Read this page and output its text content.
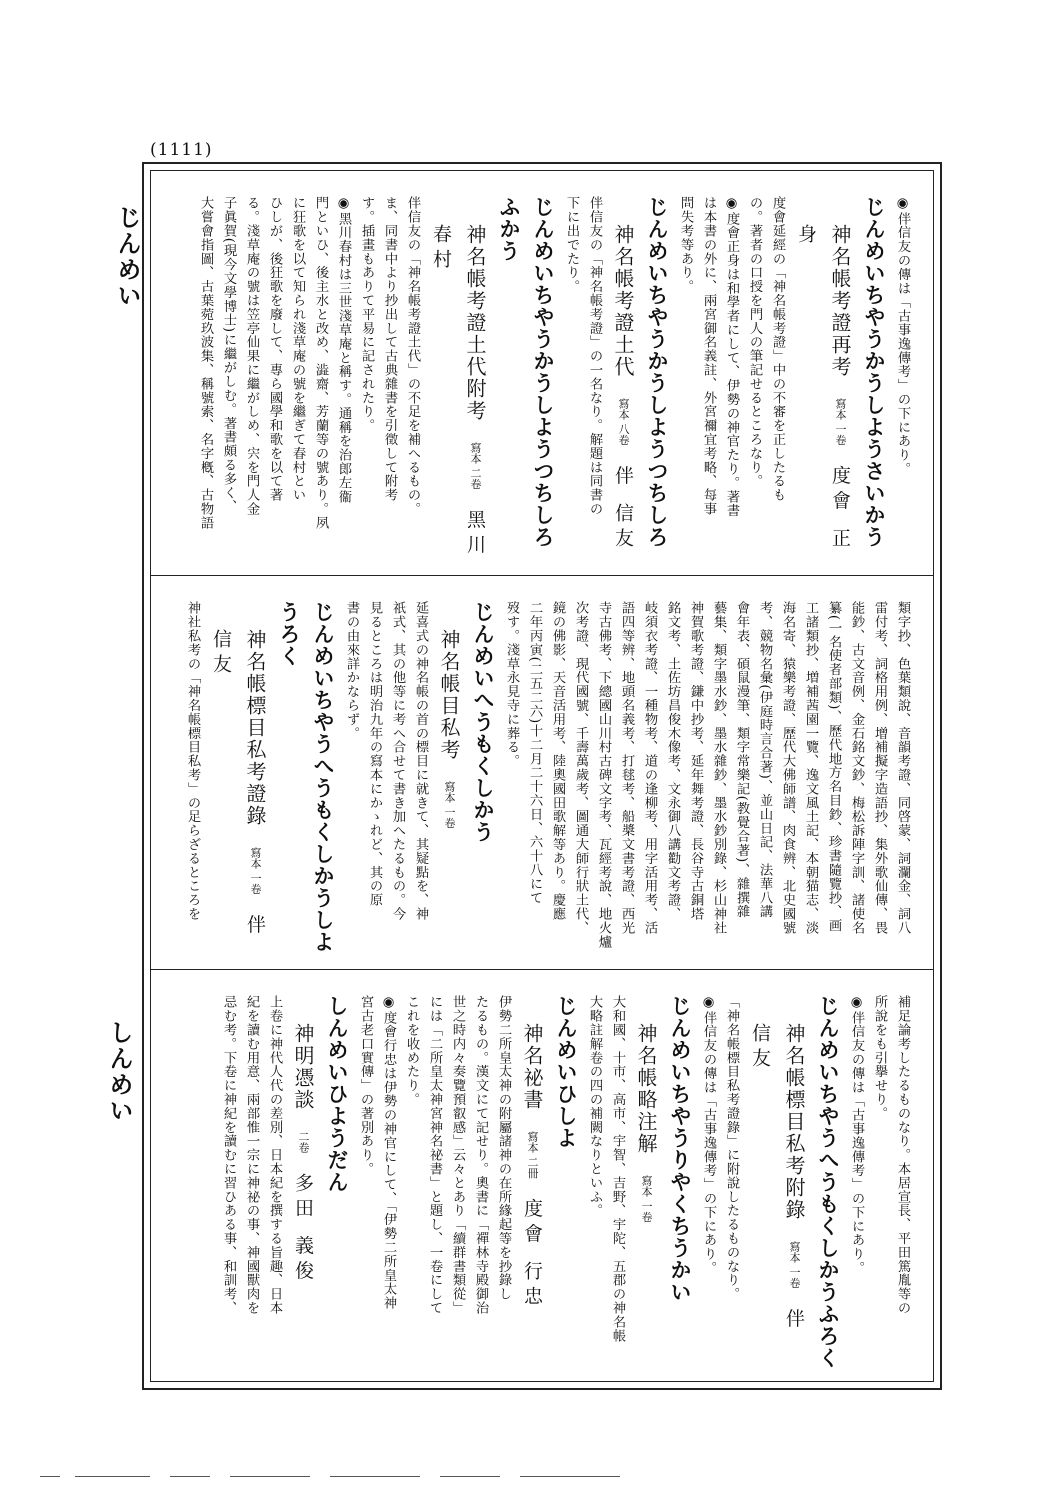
(1111)
じんめい
しんめい
◉伴信友の傳は「古事逸傳考」の下にあり。
じんめいちやうかうしようさいかう
神名帳考證再考寫本 一卷度會 正身
度會延經の「神名帳考證」中の不審を正したるも
の。著者の口授を門人の筆記せるところなり。
◉度會正身は和學者にして、伊勢の神官たり。著書
は本書の外に、兩宮御名義註、外宮禰宜考略、每事
問失考等あり。
じんめいちやうかうしようつちしろ
神名帳考證土代寫本 八卷伴 信友
伴信友の「神名帳考證」の一名なり。解題は同書の
下に出でたり。
じんめいちやうかうしようつちしろふかう
神名帳考證土代附考寫本 二卷黑川 春村
伴信友の「神名帳考證土代」の不足を補へるもの。
ま、同書中より抄出して古典雜書を引徵して附考
す。插畫もありて平易に記されたり。
◉黑川春村は三世淺草庵と稱す。通稱を治郎左衞
門といひ、後主水と改め、澁齋、芳蘭等の號あり。夙
に狂歌を以て知られ淺草庵の號を繼ぎて春村とい
ひしが、後狂歌を廢して、專ら國學和歌を以て著
る。淺草庵の號は笠亭仙果に繼がしめ、宍を門人金
子眞賀(現今文學博士)に繼がしむ。著書頗る多く、
大嘗會指圖、古葉菀玖波集、稱號索、名字槪、古物語
類字抄、色葉類說、音韻考證、同啓蒙、詞瀾金、詞八
雷付考、詞格用例、增補擬字造語抄、集外歌仙傳、畏
能鈔、古文音例、金石銘文鈔、梅松訴陣字訓、諸使名
纂(一名使者部類)、歷代地方名目鈔、珍書隨覽抄、画
工諸類抄、増補茜園一覽、逸文風土記、本朝猫志、淡
海名寄、猿樂考證、歷代大佛師譜、肉食辨、北史國號
考、競物名彙(伊庭時言合著)、並山日記、法華八講
會年表、碩鼠漫筆、類字常樂記(教覺合著)、雜撰雜
藝集、類字墨水鈔、墨水雜鈔、墨水鈔別錄、杉山神社
神賀歌考證、鎌中抄考、延年舞考證、長谷寺古銅塔
銘文考、土佐坊昌俊木像考、文永御八講勸文考證、
岐須衣考證、一種物考、道の逢柳考、用字活用考、活
語四等辨、地頭名義考、打毬考、船槳文書考證、西光
寺古佛考、下總國山川村古碑文字考、瓦經考說、地火爐
次考證、現代國號、千壽萬歲考、圖通大師行狀土代、
鏡の佛影、天音活用考、陸奧國田歌解等あり。慶應
二年丙寅(二五二六)十二月二十六日、六十八にて
歿す。淺草永見寺に葬る。
じんめいへうもくしかう
神名帳目私考寫本 一卷
延喜式の神名帳の首の標目に就きて、其疑點を、神
祇式、其の他等に考へ合せて書き加へたるもの。今
見るところは明治九年の寫本にかゝれど、其の原
書の由來詳かならず。
じんめいちやうへうもくしかうしようろく
神名帳標目私考證錄寫本 一卷伴 信友
神社私考の「神名帳標目私考」の足らざるところを
補足論考したるものなり。本居宣長、平田篤胤等の
所說をも引擧せり。
◉伴信友の傳は「古事逸傳考」の下にあり。
じんめいちやうへうもくしかうふろく
神名帳標目私考附錄寫本 一卷伴 信友
「神名帳標目私考證錄」に附說したるものなり。
◉伴信友の傳は「古事逸傳考」の下にあり。
じんめいちやうりやくちうかい
神名帳略注解寫本 一卷
大和國、十市、高市、宇智、吉野、宇陀、五郡の神名帳
大略註解卷の四の補闕なりといふ。
じんめいひしよ
神名祕書寫本 二冊度會 行忠
伊勢二所皇太神の附屬諸神の在所緣起等を抄錄し
たるもの。漢文にて記せり。奧書に「禪林寺殿御治
世之時内々奏覽預叡感」云々とあり「續群書類從」
には「二所皇太神宮神名祕書」と題し、一卷にして
これを收めたり。
◉度會行忠は伊勢の神官にして、「伊勢二所皇太神
宮古老口實傳」の著別あり。
しんめいひようだん
神明憑談二卷多田 義俊
上卷に神代人代の差別、日本紀を撰する旨趣、日本
紀を讀む用意、兩部惟一宗に神祕の事、神國獸肉を
忌む考。下卷に神紀を讀むに習ひある事、和訓考、
